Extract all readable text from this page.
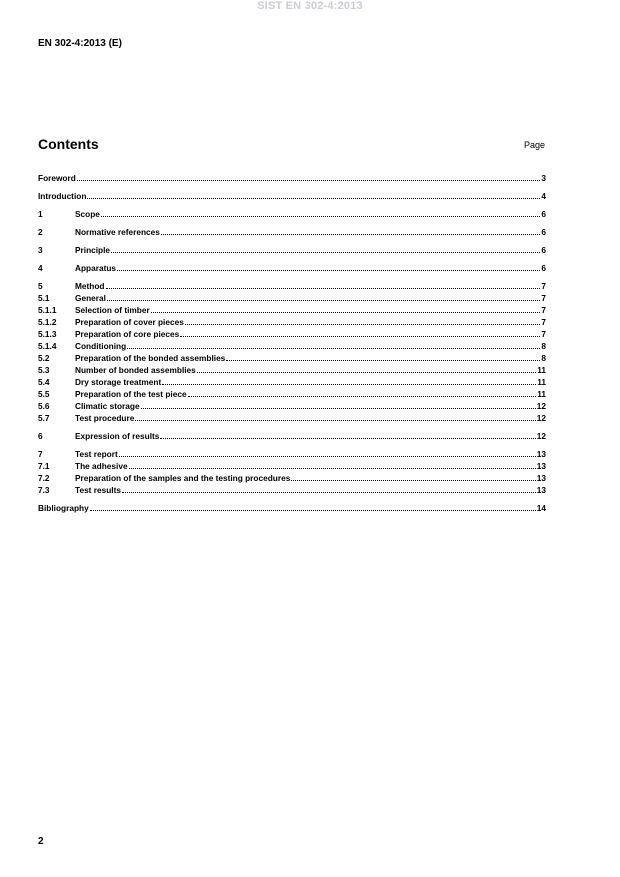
SIST EN 302-4:2013
EN 302-4:2013 (E)
Contents	Page
Foreword	3
Introduction	4
1	Scope	6
2	Normative references	6
3	Principle	6
4	Apparatus	6
5	Method	7
5.1	General	7
5.1.1	Selection of timber	7
5.1.2	Preparation of cover pieces	7
5.1.3	Preparation of core pieces	7
5.1.4	Conditioning	8
5.2	Preparation of the bonded assemblies	8
5.3	Number of bonded assemblies	11
5.4	Dry storage treatment	11
5.5	Preparation of the test piece	11
5.6	Climatic storage	12
5.7	Test procedure	12
6	Expression of results	12
7	Test report	13
7.1	The adhesive	13
7.2	Preparation of the samples and the testing procedures	13
7.3	Test results	13
Bibliography	14
2
